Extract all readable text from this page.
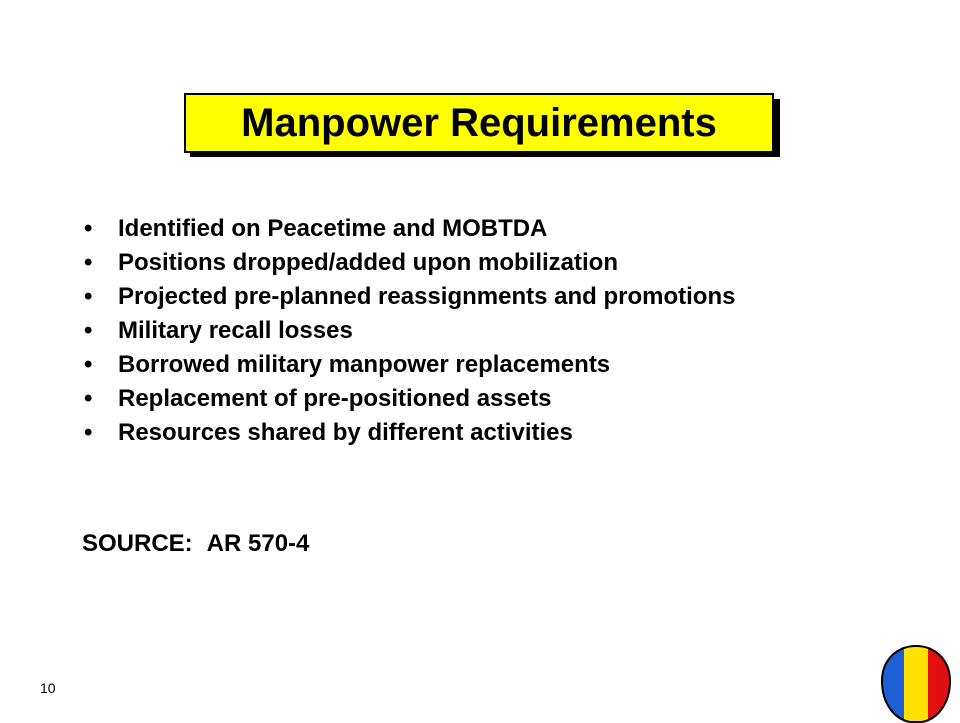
Manpower Requirements
• Identified on Peacetime and MOBTDA
• Positions dropped/added upon mobilization
• Projected pre-planned reassignments and promotions
• Military recall losses
• Borrowed military manpower replacements
• Replacement of pre-positioned assets
• Resources shared by different activities
SOURCE: AR 570-4
10
